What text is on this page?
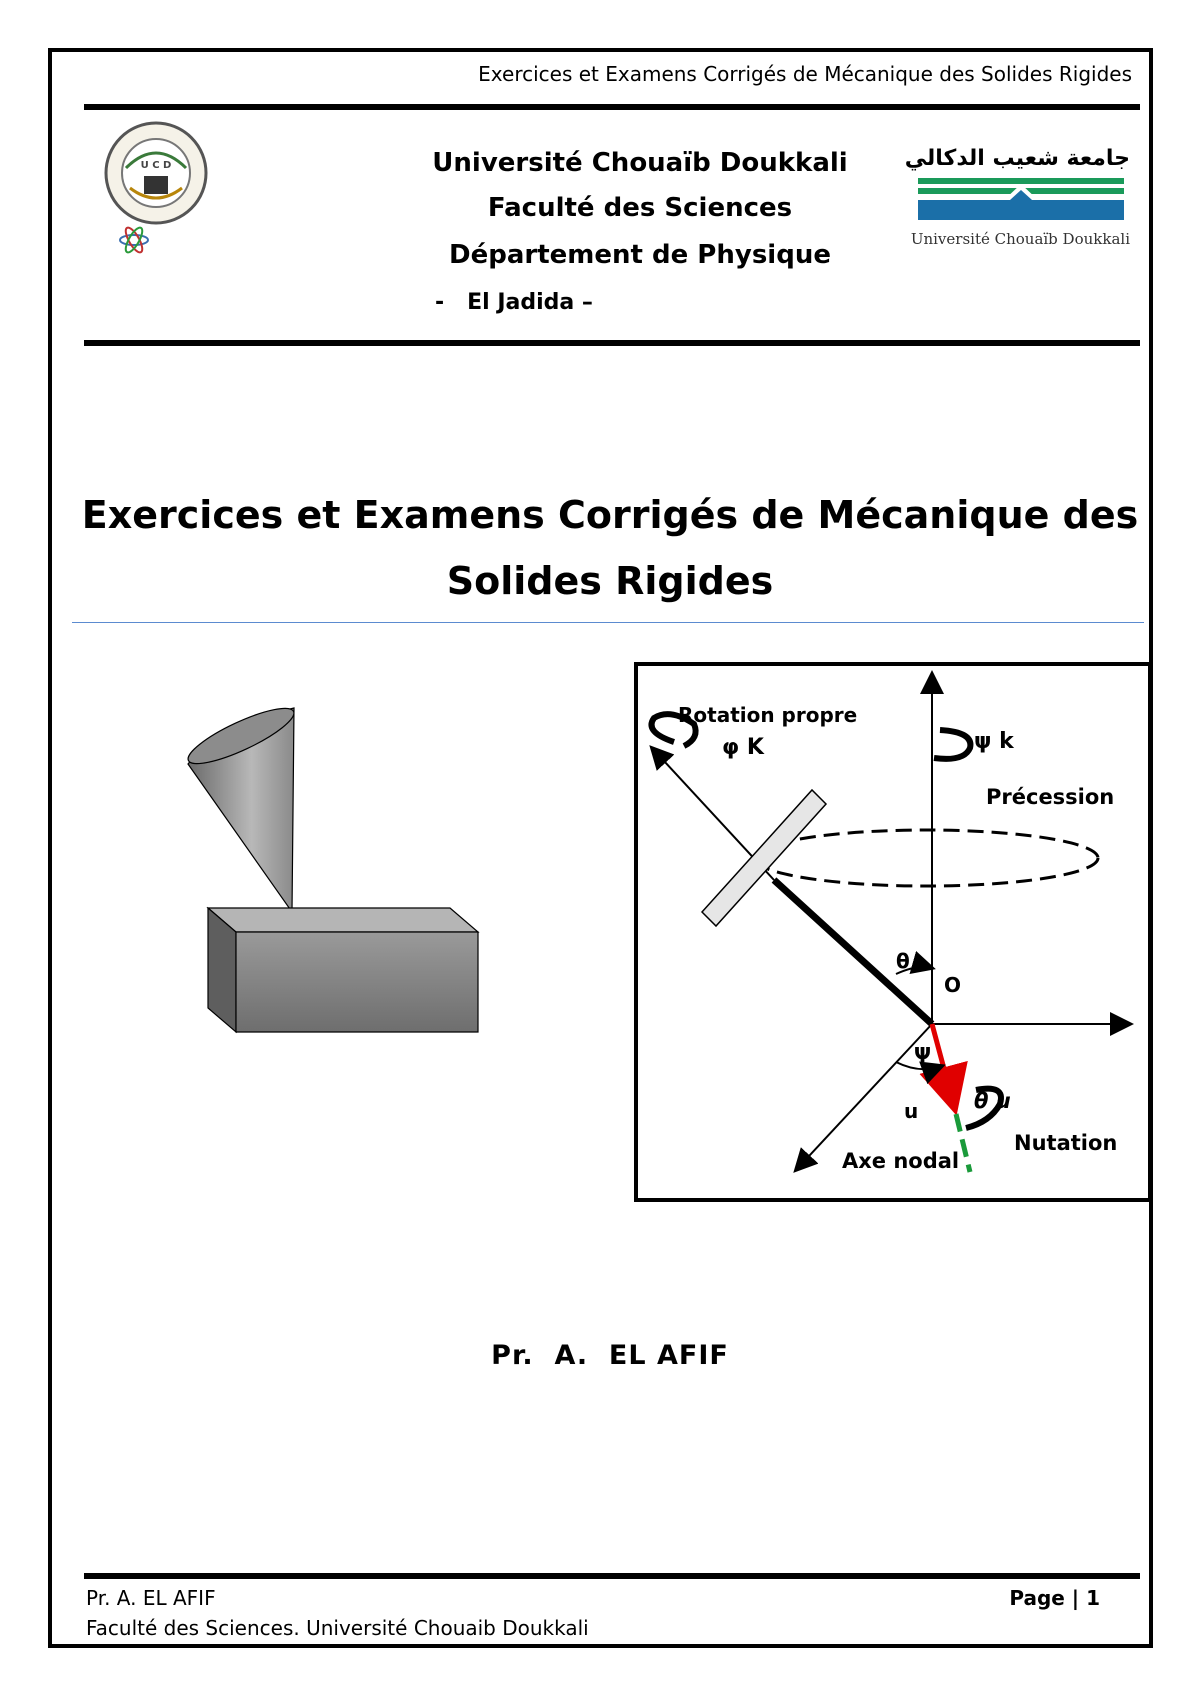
Exercices et Examens Corrigés de Mécanique des Solides Rigides
U C D	Université Chouaïb Doukkali
Faculté des Sciences
Département de Physique
-   El Jadida –
جامعة شعيب الدكالي
Université Chouaïb Doukkali
Exercices et Examens Corrigés de Mécanique des
Solides Rigides
Rotation propre
φ K	ψ k
Précession
θ
O
Ψ
u	θ u
Nutation
Axe nodal
Pr.  A.  EL AFIF
Pr. A. EL AFIF
Faculté des Sciences. Université Chouaib Doukkali
Page | 1
